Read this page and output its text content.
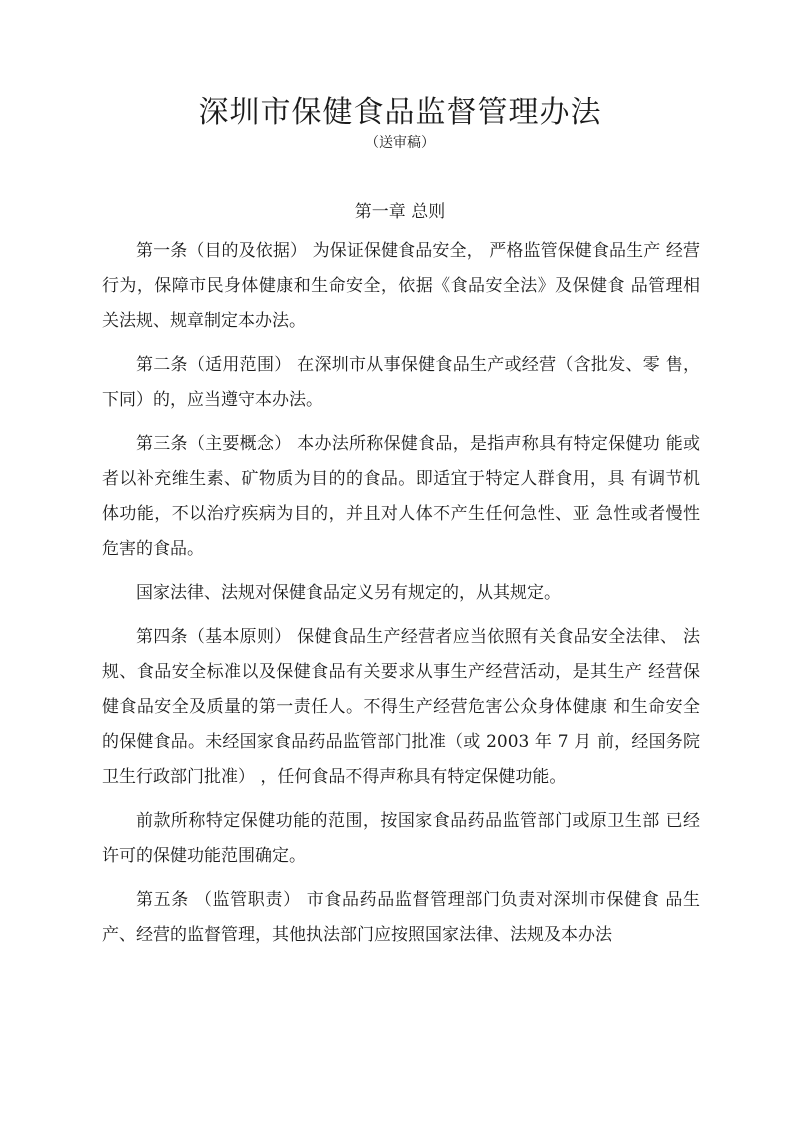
深圳市保健食品监督管理办法
（送审稿）
第一章 总则

第一条（目的及依据） 为保证保健食品安全， 严格监管保健食品生产 经营行为，保障市民身体健康和生命安全，依据《食品安全法》及保健食 品管理相关法规、规章制定本办法。

第二条（适用范围） 在深圳市从事保健食品生产或经营（含批发、零 售，下同）的，应当遵守本办法。

第三条（主要概念） 本办法所称保健食品，是指声称具有特定保健功 能或者以补充维生素、矿物质为目的的食品。即适宜于特定人群食用，具 有调节机体功能，不以治疗疾病为目的，并且对人体不产生任何急性、亚 急性或者慢性危害的食品。

国家法律、法规对保健食品定义另有规定的，从其规定。

第四条（基本原则） 保健食品生产经营者应当依照有关食品安全法律、 法规、食品安全标准以及保健食品有关要求从事生产经营活动，是其生产 经营保健食品安全及质量的第一责任人。不得生产经营危害公众身体健康 和生命安全的保健食品。未经国家食品药品监管部门批准（或 2003 年 7 月 前，经国务院卫生行政部门批准） ，任何食品不得声称具有特定保健功能。

前款所称特定保健功能的范围，按国家食品药品监管部门或原卫生部 已经许可的保健功能范围确定。

第五条 （监管职责） 市食品药品监督管理部门负责对深圳市保健食 品生产、经营的监督管理，其他执法部门应按照国家法律、法规及本办法
